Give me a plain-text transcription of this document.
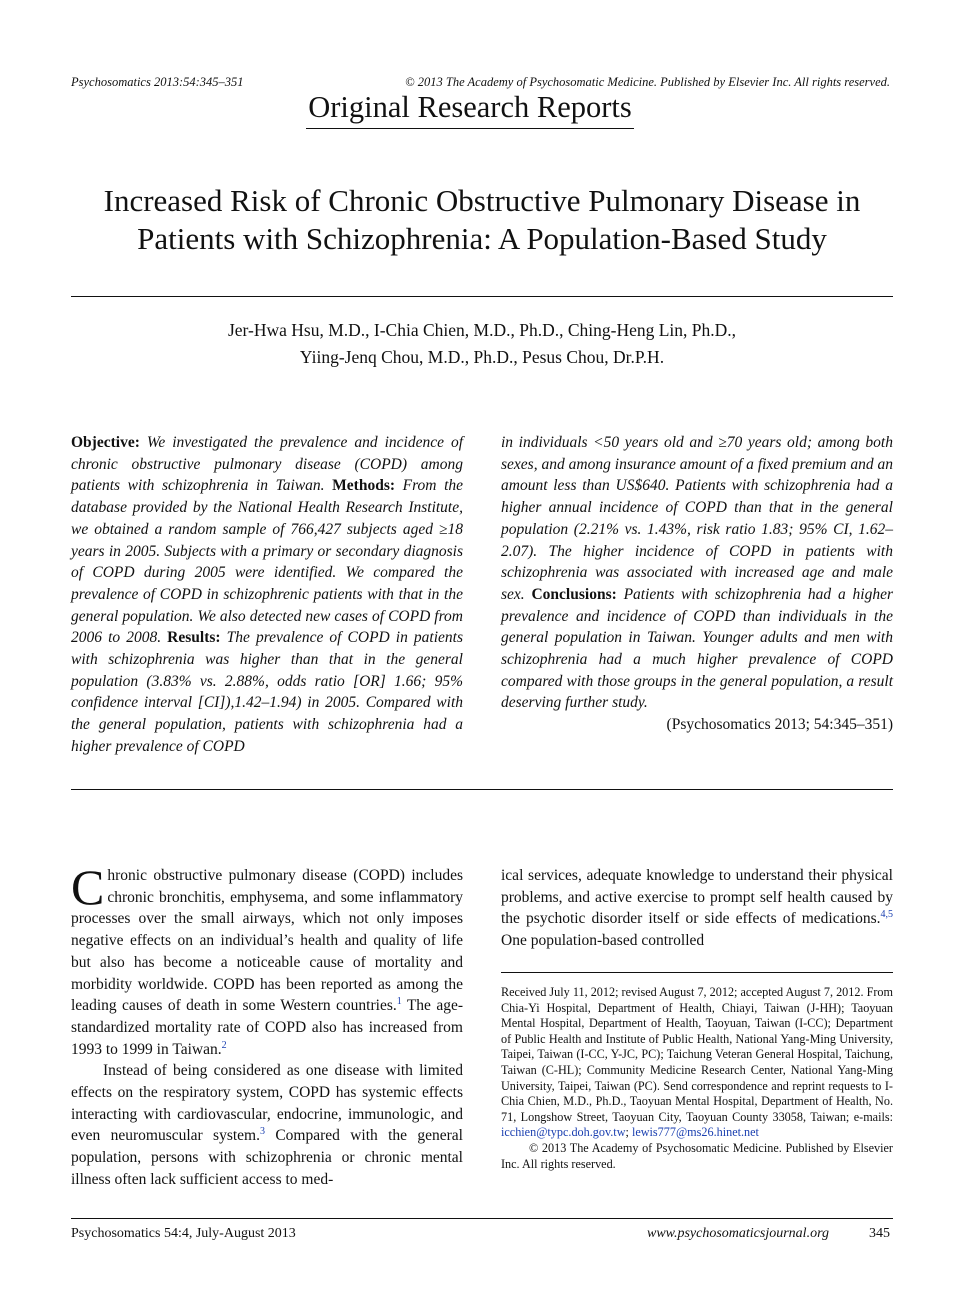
Psychosomatics 2013:54:345–351	© 2013 The Academy of Psychosomatic Medicine. Published by Elsevier Inc. All rights reserved.
Original Research Reports
Increased Risk of Chronic Obstructive Pulmonary Disease in Patients with Schizophrenia: A Population-Based Study
Jer-Hwa Hsu, M.D., I-Chia Chien, M.D., Ph.D., Ching-Heng Lin, Ph.D.,
Yiing-Jenq Chou, M.D., Ph.D., Pesus Chou, Dr.P.H.
Objective: We investigated the prevalence and incidence of chronic obstructive pulmonary disease (COPD) among patients with schizophrenia in Taiwan. Methods: From the database provided by the National Health Research Institute, we obtained a random sample of 766,427 subjects aged ≥18 years in 2005. Subjects with a primary or secondary diagnosis of COPD during 2005 were identified. We compared the prevalence of COPD in schizophrenic patients with that in the general population. We also detected new cases of COPD from 2006 to 2008. Results: The prevalence of COPD in patients with schizophrenia was higher than that in the general population (3.83% vs. 2.88%, odds ratio [OR] 1.66; 95% confidence interval [CI]),1.42–1.94) in 2005. Compared with the general population, patients with schizophrenia had a higher prevalence of COPD
in individuals <50 years old and ≥70 years old; among both sexes, and among insurance amount of a fixed premium and an amount less than US$640. Patients with schizophrenia had a higher annual incidence of COPD than that in the general population (2.21% vs. 1.43%, risk ratio 1.83; 95% CI, 1.62–2.07). The higher incidence of COPD in patients with schizophrenia was associated with increased age and male sex. Conclusions: Patients with schizophrenia had a higher prevalence and incidence of COPD than individuals in the general population in Taiwan. Younger adults and men with schizophrenia had a much higher prevalence of COPD compared with those groups in the general population, a result deserving further study.
(Psychosomatics 2013; 54:345–351)

Chronic obstructive pulmonary disease (COPD) includes chronic bronchitis, emphysema, and some inflammatory processes over the small airways, which not only imposes negative effects on an individual’s health and quality of life but also has become a noticeable cause of mortality and morbidity worldwide. COPD has been reported as among the leading causes of death in some Western countries.$^1$ The age-standardized mortality rate of COPD also has increased from 1993 to 1999 in Taiwan.$^2$

Instead of being considered as one disease with limited effects on the respiratory system, COPD has systemic effects interacting with cardiovascular, endocrine, immunologic, and even neuromuscular system.$^3$ Compared with the general population, persons with schizophrenia or chronic mental illness often lack sufficient access to med-

ical services, adequate knowledge to understand their physical problems, and active exercise to prompt self health caused by the psychotic disorder itself or side effects of medications.$^{4,5}$ One population-based controlled

Received July 11, 2012; revised August 7, 2012; accepted August 7, 2012. From Chia-Yi Hospital, Department of Health, Chiayi, Taiwan (J-HH); Taoyuan Mental Hospital, Department of Health, Taoyuan, Taiwan (I-CC); Department of Public Health and Institute of Public Health, National Yang-Ming University, Taipei, Taiwan (I-CC, Y-JC, PC); Taichung Veteran General Hospital, Taichung, Taiwan (C-HL); Community Medicine Research Center, National Yang-Ming University, Taipei, Taiwan (PC). Send correspondence and reprint requests to I-Chia Chien, M.D., Ph.D., Taoyuan Mental Hospital, Department of Health, No. 71, Longshow Street, Taoyuan City, Taoyuan County 33058, Taiwan; e-mails: icchien@typc.doh.gov.tw; lewis777@ms26.hinet.net
© 2013 The Academy of Psychosomatic Medicine. Published by Elsevier Inc. All rights reserved.
Psychosomatics 54:4, July-August 2013	www.psychosomaticsjournal.org	345
